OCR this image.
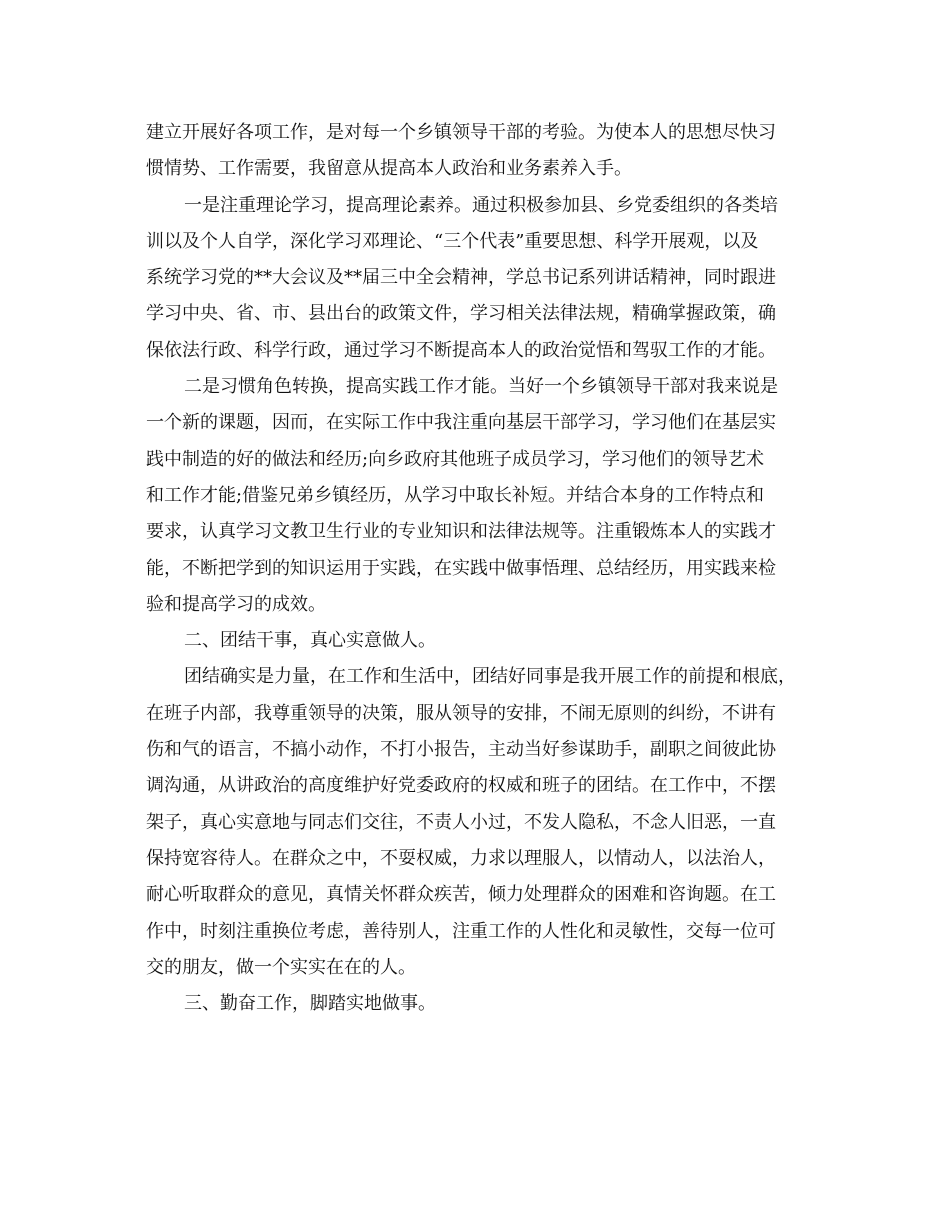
建立开展好各项工作，是对每一个乡镇领导干部的考验。为使本人的思想尽快习
惯情势、工作需要，我留意从提高本人政治和业务素养入手。
一是注重理论学习，提高理论素养。通过积极参加县、乡党委组织的各类培
训以及个人自学，深化学习邓理论、“三个代表”重要思想、科学开展观，以及
系统学习党的**大会议及**届三中全会精神，学总书记系列讲话精神，同时跟进
学习中央、省、市、县出台的政策文件，学习相关法律法规，精确掌握政策，确
保依法行政、科学行政，通过学习不断提高本人的政治觉悟和驾驭工作的才能。
二是习惯角色转换，提高实践工作才能。当好一个乡镇领导干部对我来说是
一个新的课题，因而，在实际工作中我注重向基层干部学习，学习他们在基层实
践中制造的好的做法和经历;向乡政府其他班子成员学习，学习他们的领导艺术
和工作才能;借鉴兄弟乡镇经历，从学习中取长补短。并结合本身的工作特点和
要求，认真学习文教卫生行业的专业知识和法律法规等。注重锻炼本人的实践才
能，不断把学到的知识运用于实践，在实践中做事悟理、总结经历，用实践来检
验和提高学习的成效。
二、团结干事，真心实意做人。
团结确实是力量，在工作和生活中，团结好同事是我开展工作的前提和根底，
在班子内部，我尊重领导的决策，服从领导的安排，不闹无原则的纠纷，不讲有
伤和气的语言，不搞小动作，不打小报告，主动当好参谋助手，副职之间彼此协
调沟通，从讲政治的高度维护好党委政府的权威和班子的团结。在工作中，不摆
架子，真心实意地与同志们交往，不责人小过，不发人隐私，不念人旧恶，一直
保持宽容待人。在群众之中，不耍权威，力求以理服人，以情动人，以法治人，
耐心听取群众的意见，真情关怀群众疾苦，倾力处理群众的困难和咨询题。在工
作中，时刻注重换位考虑，善待别人，注重工作的人性化和灵敏性，交每一位可
交的朋友，做一个实实在在的人。
三、勤奋工作，脚踏实地做事。
